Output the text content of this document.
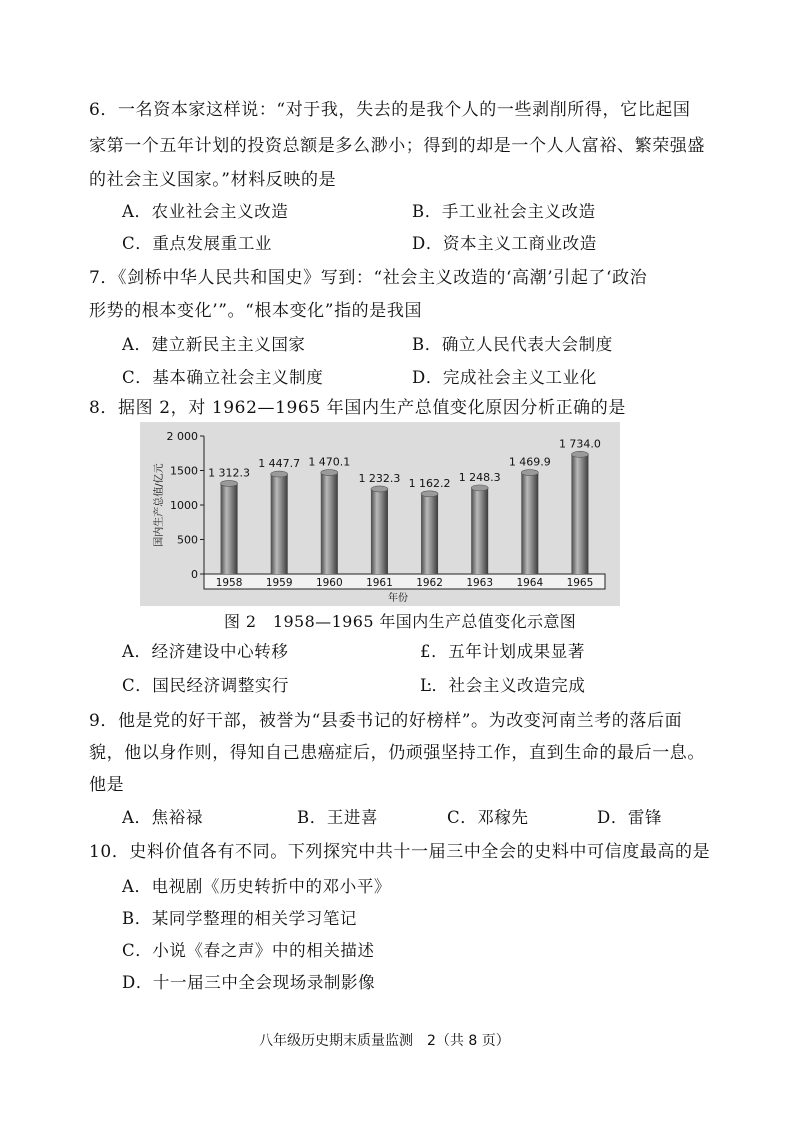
6．一名资本家这样说：“对于我，失去的是我个人的一些剥削所得，它比起国
家第一个五年计划的投资总额是多么渺小；得到的却是一个人人富裕、繁荣强盛
的社会主义国家。”材料反映的是
A．农业社会主义改造	B．手工业社会主义改造
C．重点发展重工业	D．资本主义工商业改造
7．《剑桥中华人民共和国史》写到：“社会主义改造的‘高潮’引起了‘政治
形势的根本变化’”。“根本变化”指的是我国
A．建立新民主主义国家	B．确立人民代表大会制度
C．基本确立社会主义制度	D．完成社会主义工业化
8．据图 2，对 1962—1965 年国内生产总值变化原因分析正确的是
0
500
1000
1500
2 000
国内生产总值/亿元	1 312.3
1958
1 447.7
1959
1 470.1
1960
1 232.3
1961
1 162.2
1962
1 248.3
1963
1 469.9
1964
1 734.0
1965
年份
图 2　1958—1965 年国内生产总值变化示意图
A．经济建设中心转移	£．五年计划成果显著
C．国民经济调整实行	Ŀ．社会主义改造完成
9．他是党的好干部，被誉为“县委书记的好榜样”。为改变河南兰考的落后面
貌，他以身作则，得知自己患癌症后，仍顽强坚持工作，直到生命的最后一息。
他是
A．焦裕禄	B．王进喜	C．邓稼先	D．雷锋
10．史料价值各有不同。下列探究中共十一届三中全会的史料中可信度最高的是
A．电视剧《历史转折中的邓小平》
B．某同学整理的相关学习笔记
C．小说《春之声》中的相关描述
D．十一届三中全会现场录制影像
八年级历史期末质量监测　2（共 8 页）
